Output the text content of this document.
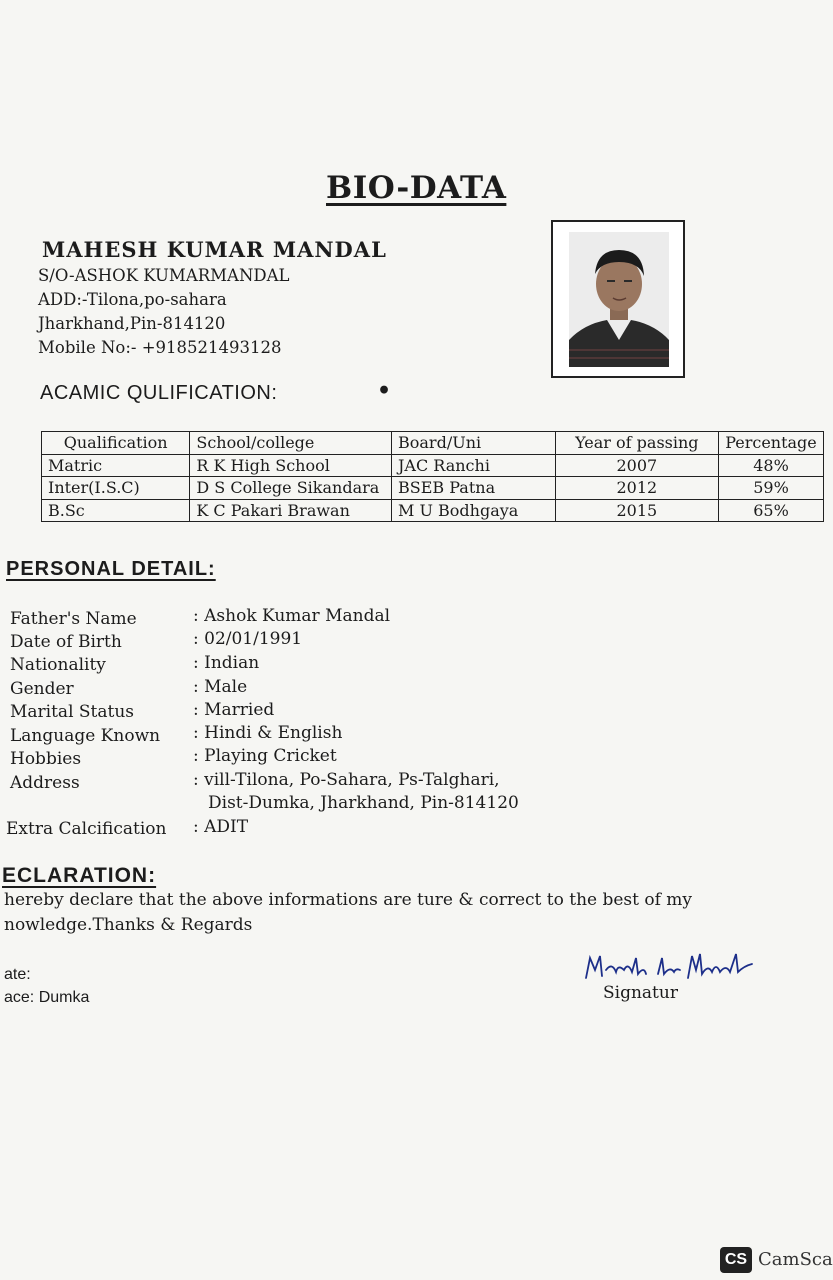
BIO-DATA
MAHESH KUMAR MANDAL
S/O-ASHOK KUMARMANDAL
ADD:-Tilona,po-sahara
Jharkhand,Pin-814120
Mobile No:- +918521493128
ACAMIC QULIFICATION:	•
Qualification	School/college	Board/Uni	Year of passing	Percentage
Matric	R K High School	JAC Ranchi	2007	48%
Inter(I.S.C)	D S College Sikandara	BSEB Patna	2012	59%
B.Sc	K C Pakari Brawan	M U Bodhgaya	2015	65%
PERSONAL DETAIL:
Father's Name	: Ashok Kumar Mandal
Date of Birth	: 02/01/1991
Nationality	: Indian
Gender	: Male
Marital Status	: Married
Language Known : Hindi & English
Hobbies	: Playing Cricket
Address	: vill-Tilona, Po-Sahara, Ps-Talghari,
Dist-Dumka, Jharkhand, Pin-814120
Extra Calcification : ADIT
ECLARATION:
hereby declare that the above informations are ture & correct to the best of my
nowledge.Thanks & Regards
ate:
ace: Dumka	Signatur
CS CamSca
